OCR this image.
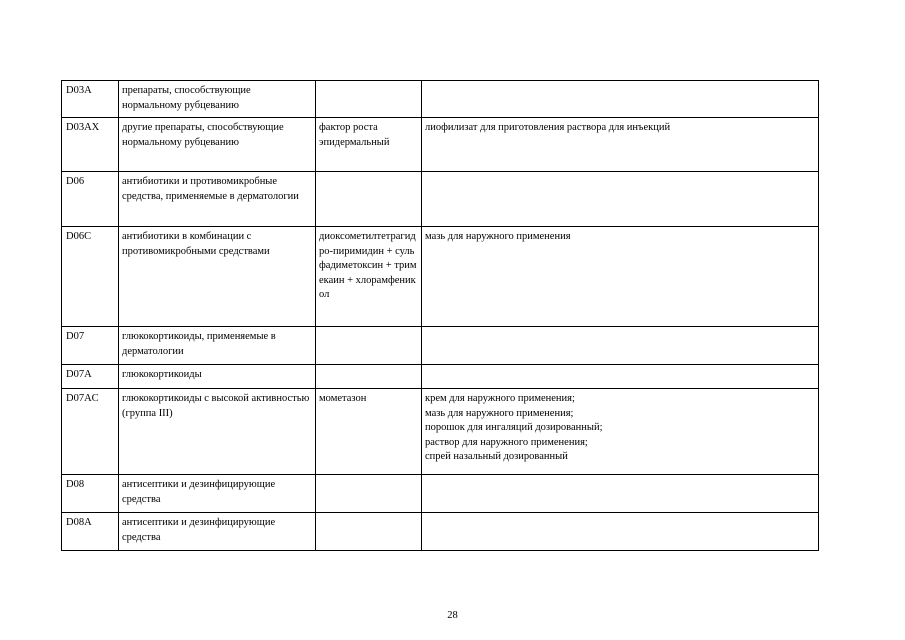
D03A	препараты, способствующие нормальному рубцеванию		
D03AX	другие препараты, способствующие нормальному рубцеванию	фактор роста эпидермальный	лиофилизат для приготовления раствора для инъекций

D06	антибиотики и противомикробные средства, применяемые в дерматологии		
D06C	антибиотики в комбинации с противомикробными средствами	диоксометилтетрагидро-пиримидин + сульфадиметоксин + тримекаин + хлорамфеникол	мазь для наружного применения

D07	глюкокортикоиды, применяемые в дерматологии		
D07A	глюкокортикоиды		
D07AC	глюкокортикоиды с высокой активностью (группа III)	мометазон	крем для наружного применения;
мазь для наружного применения;
порошок для ингаляций дозированный;
раствор для наружного применения;
спрей назальный дозированный

D08	антисептики и дезинфицирующие средства		
D08A	антисептики и дезинфицирующие средства		
28
